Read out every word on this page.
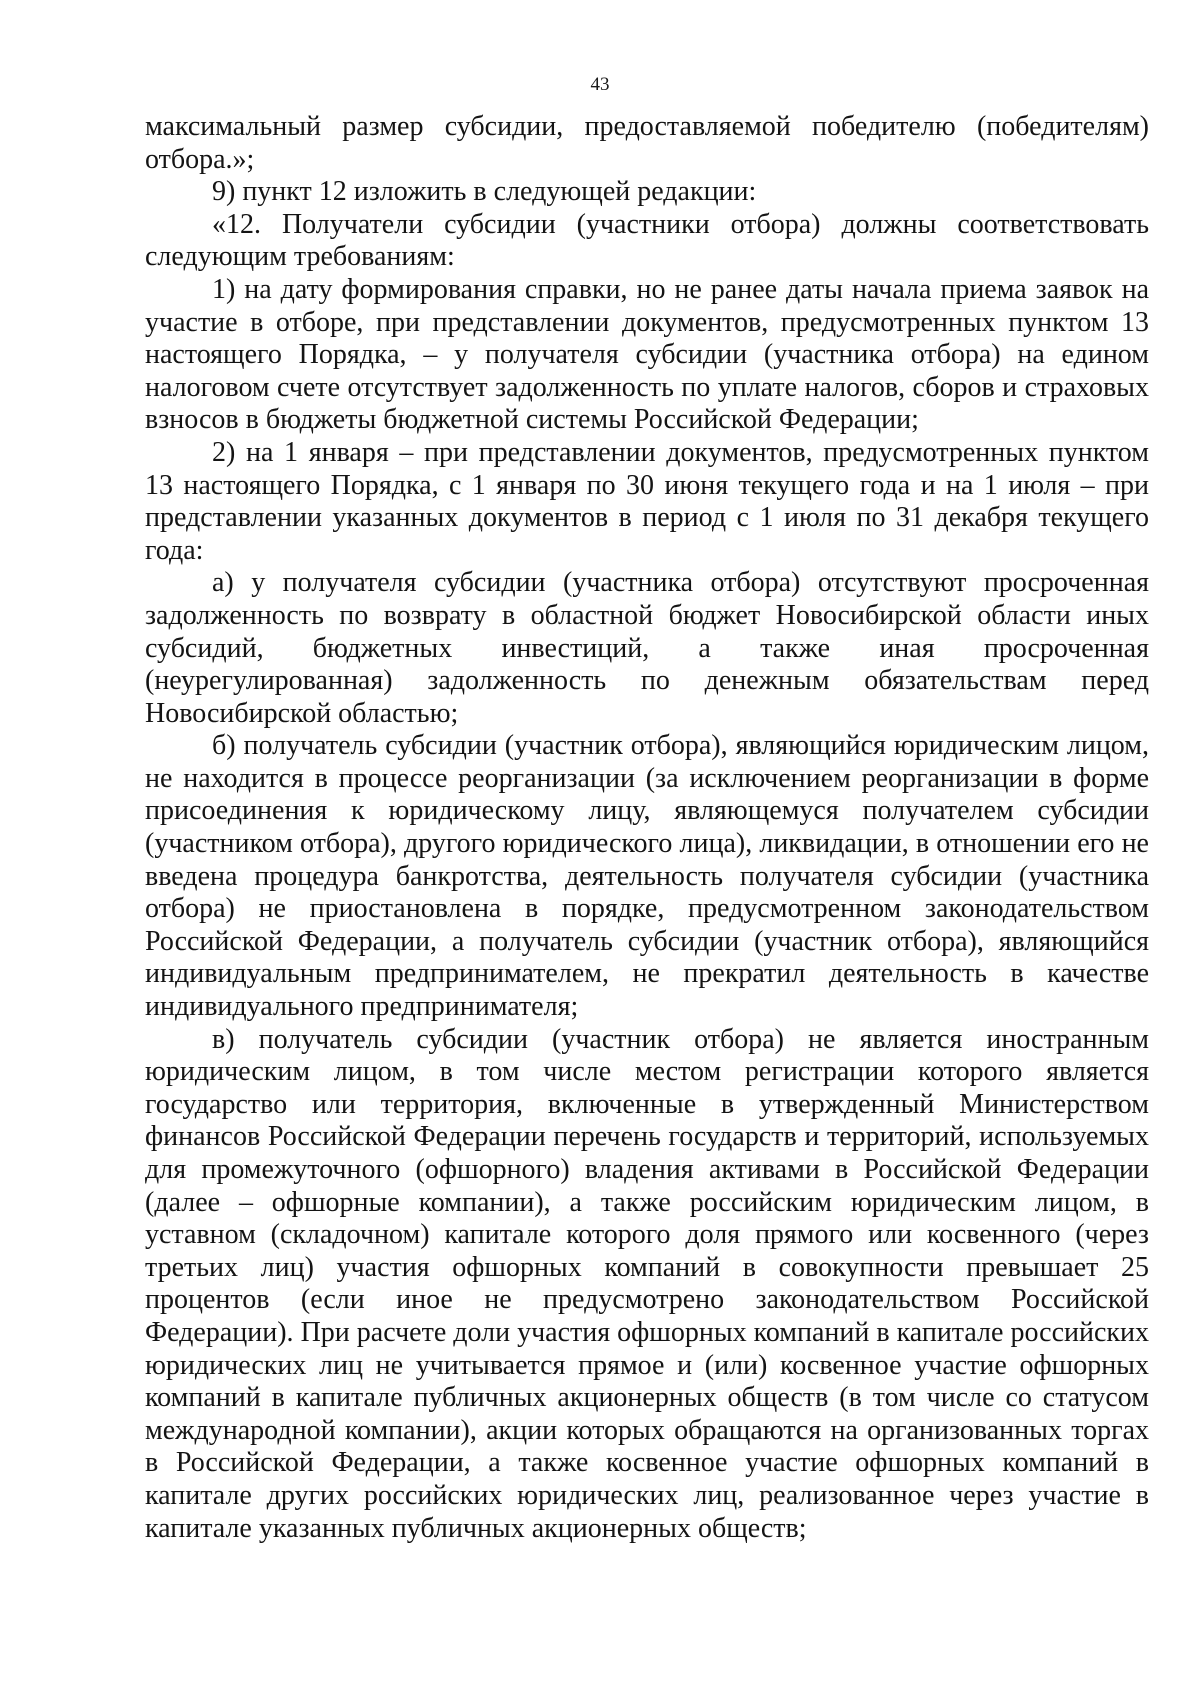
43

максимальный размер субсидии, предоставляемой победителю (победителям) отбора.»;

9) пункт 12 изложить в следующей редакции:

«12. Получатели субсидии (участники отбора) должны соответствовать следующим требованиям:

1) на дату формирования справки, но не ранее даты начала приема заявок на участие в отборе, при представлении документов, предусмотренных пунктом 13 настоящего Порядка, – у получателя субсидии (участника отбора) на едином налоговом счете отсутствует задолженность по уплате налогов, сборов и страховых взносов в бюджеты бюджетной системы Российской Федерации;

2) на 1 января – при представлении документов, предусмотренных пунктом 13 настоящего Порядка, с 1 января по 30 июня текущего года и на 1 июля – при представлении указанных документов в период с 1 июля по 31 декабря текущего года:

а) у получателя субсидии (участника отбора) отсутствуют просроченная задолженность по возврату в областной бюджет Новосибирской области иных субсидий, бюджетных инвестиций, а также иная просроченная (неурегулированная) задолженность по денежным обязательствам перед Новосибирской областью;

б) получатель субсидии (участник отбора), являющийся юридическим лицом, не находится в процессе реорганизации (за исключением реорганизации в форме присоединения к юридическому лицу, являющемуся получателем субсидии (участником отбора), другого юридического лица), ликвидации, в отношении его не введена процедура банкротства, деятельность получателя субсидии (участника отбора) не приостановлена в порядке, предусмотренном законодательством Российской Федерации, а получатель субсидии (участник отбора), являющийся индивидуальным предпринимателем, не прекратил деятельность в качестве индивидуального предпринимателя;

в) получатель субсидии (участник отбора) не является иностранным юридическим лицом, в том числе местом регистрации которого является государство или территория, включенные в утвержденный Министерством финансов Российской Федерации перечень государств и территорий, используемых для промежуточного (офшорного) владения активами в Российской Федерации (далее – офшорные компании), а также российским юридическим лицом, в уставном (складочном) капитале которого доля прямого или косвенного (через третьих лиц) участия офшорных компаний в совокупности превышает 25 процентов (если иное не предусмотрено законодательством Российской Федерации). При расчете доли участия офшорных компаний в капитале российских юридических лиц не учитывается прямое и (или) косвенное участие офшорных компаний в капитале публичных акционерных обществ (в том числе со статусом международной компании), акции которых обращаются на организованных торгах в Российской Федерации, а также косвенное участие офшорных компаний в капитале других российских юридических лиц, реализованное через участие в капитале указанных публичных акционерных обществ;
